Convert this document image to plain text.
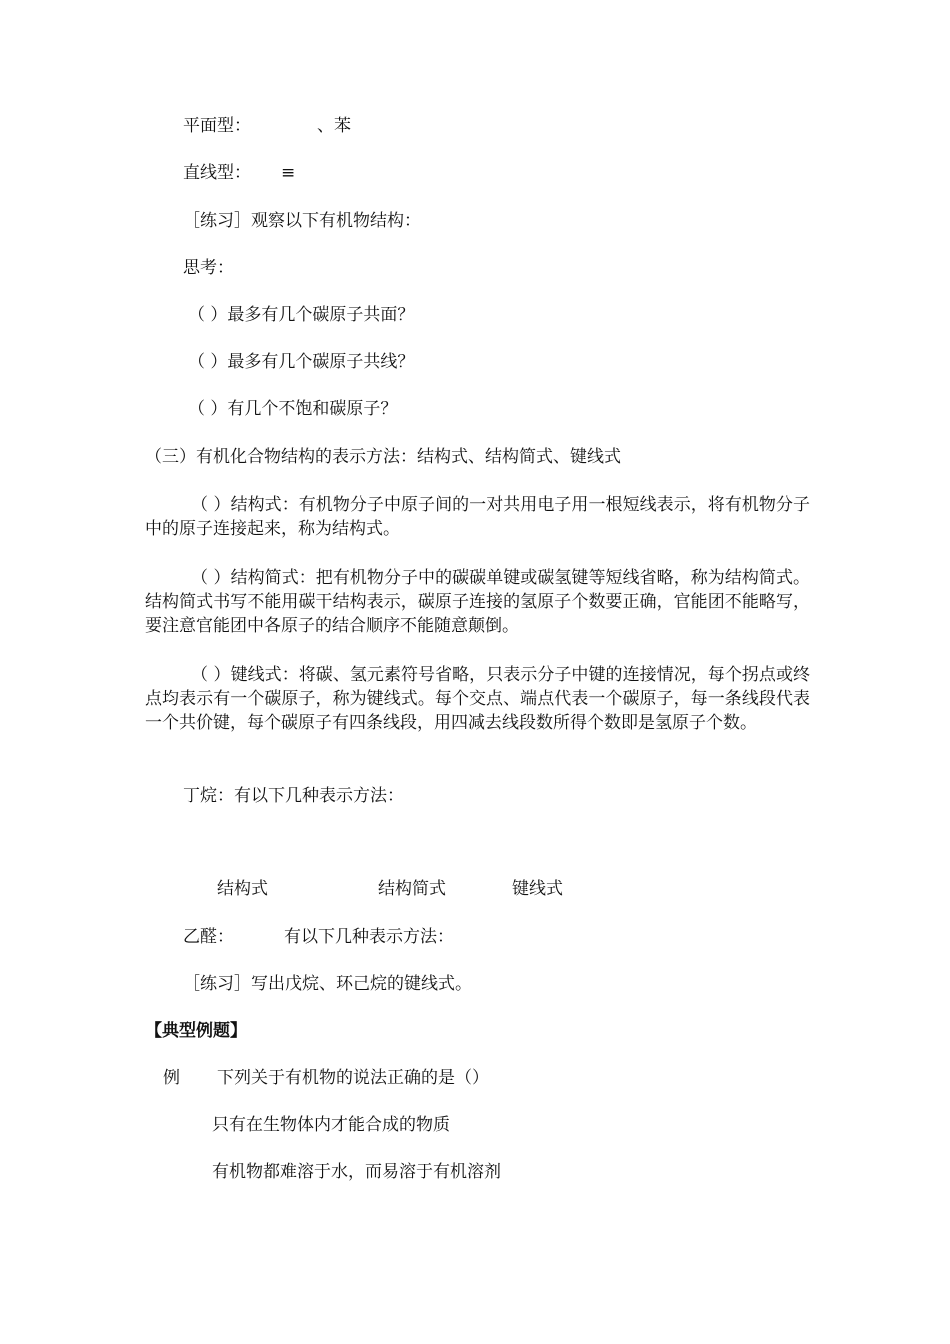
平面型：	、苯
直线型： ≡
［练习］观察以下有机物结构：
思考：
（ ）最多有几个碳原子共面？
（ ）最多有几个碳原子共线？
（ ）有几个不饱和碳原子？
（三）有机化合物结构的表示方法：结构式、结构简式、键线式
（ ）结构式：有机物分子中原子间的一对共用电子用一根短线表示，将有机物分子中的原子连接起来，称为结构式。
（ ）结构简式：把有机物分子中的碳碳单键或碳氢键等短线省略，称为结构简式。结构简式书写不能用碳干结构表示，碳原子连接的氢原子个数要正确，官能团不能略写，要注意官能团中各原子的结合顺序不能随意颠倒。
（ ）键线式：将碳、氢元素符号省略，只表示分子中键的连接情况，每个拐点或终点均表示有一个碳原子，称为键线式。每个交点、端点代表一个碳原子，每一条线段代表一个共价键，每个碳原子有四条线段，用四减去线段数所得个数即是氢原子个数。
丁烷：有以下几种表示方法：
结构式	结构简式	键线式
乙醛：	有以下几种表示方法：
［练习］写出戊烷、环己烷的键线式。
【典型例题】
例 下列关于有机物的说法正确的是（）
只有在生物体内才能合成的物质
有机物都难溶于水，而易溶于有机溶剂
